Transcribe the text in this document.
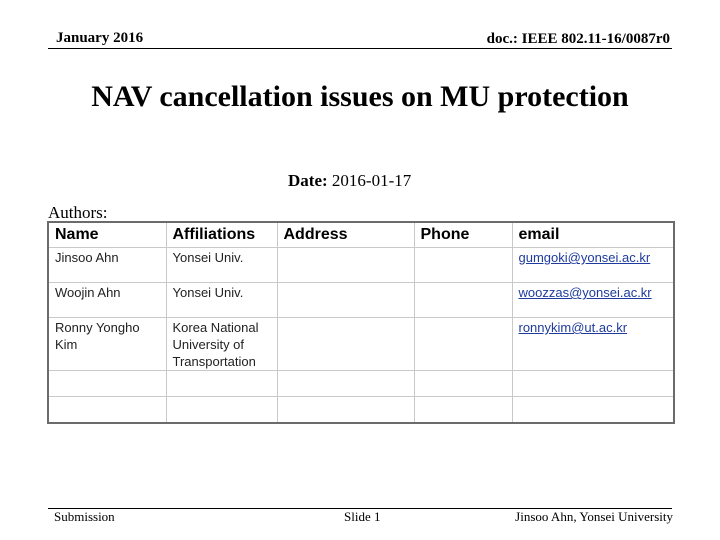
January 2016	doc.: IEEE 802.11-16/0087r0
NAV cancellation issues on MU protection
Date: 2016-01-17
Authors:
Name	Affiliations	Address	Phone	email
Jinsoo Ahn	Yonsei Univ.			gumgoki@yonsei.ac.kr
Woojin Ahn	Yonsei Univ.			woozzas@yonsei.ac.kr
Ronny Yongho Kim	Korea National University of Transportation			ronnykim@ut.ac.kr

Submission	Slide 1	Jinsoo Ahn, Yonsei University
